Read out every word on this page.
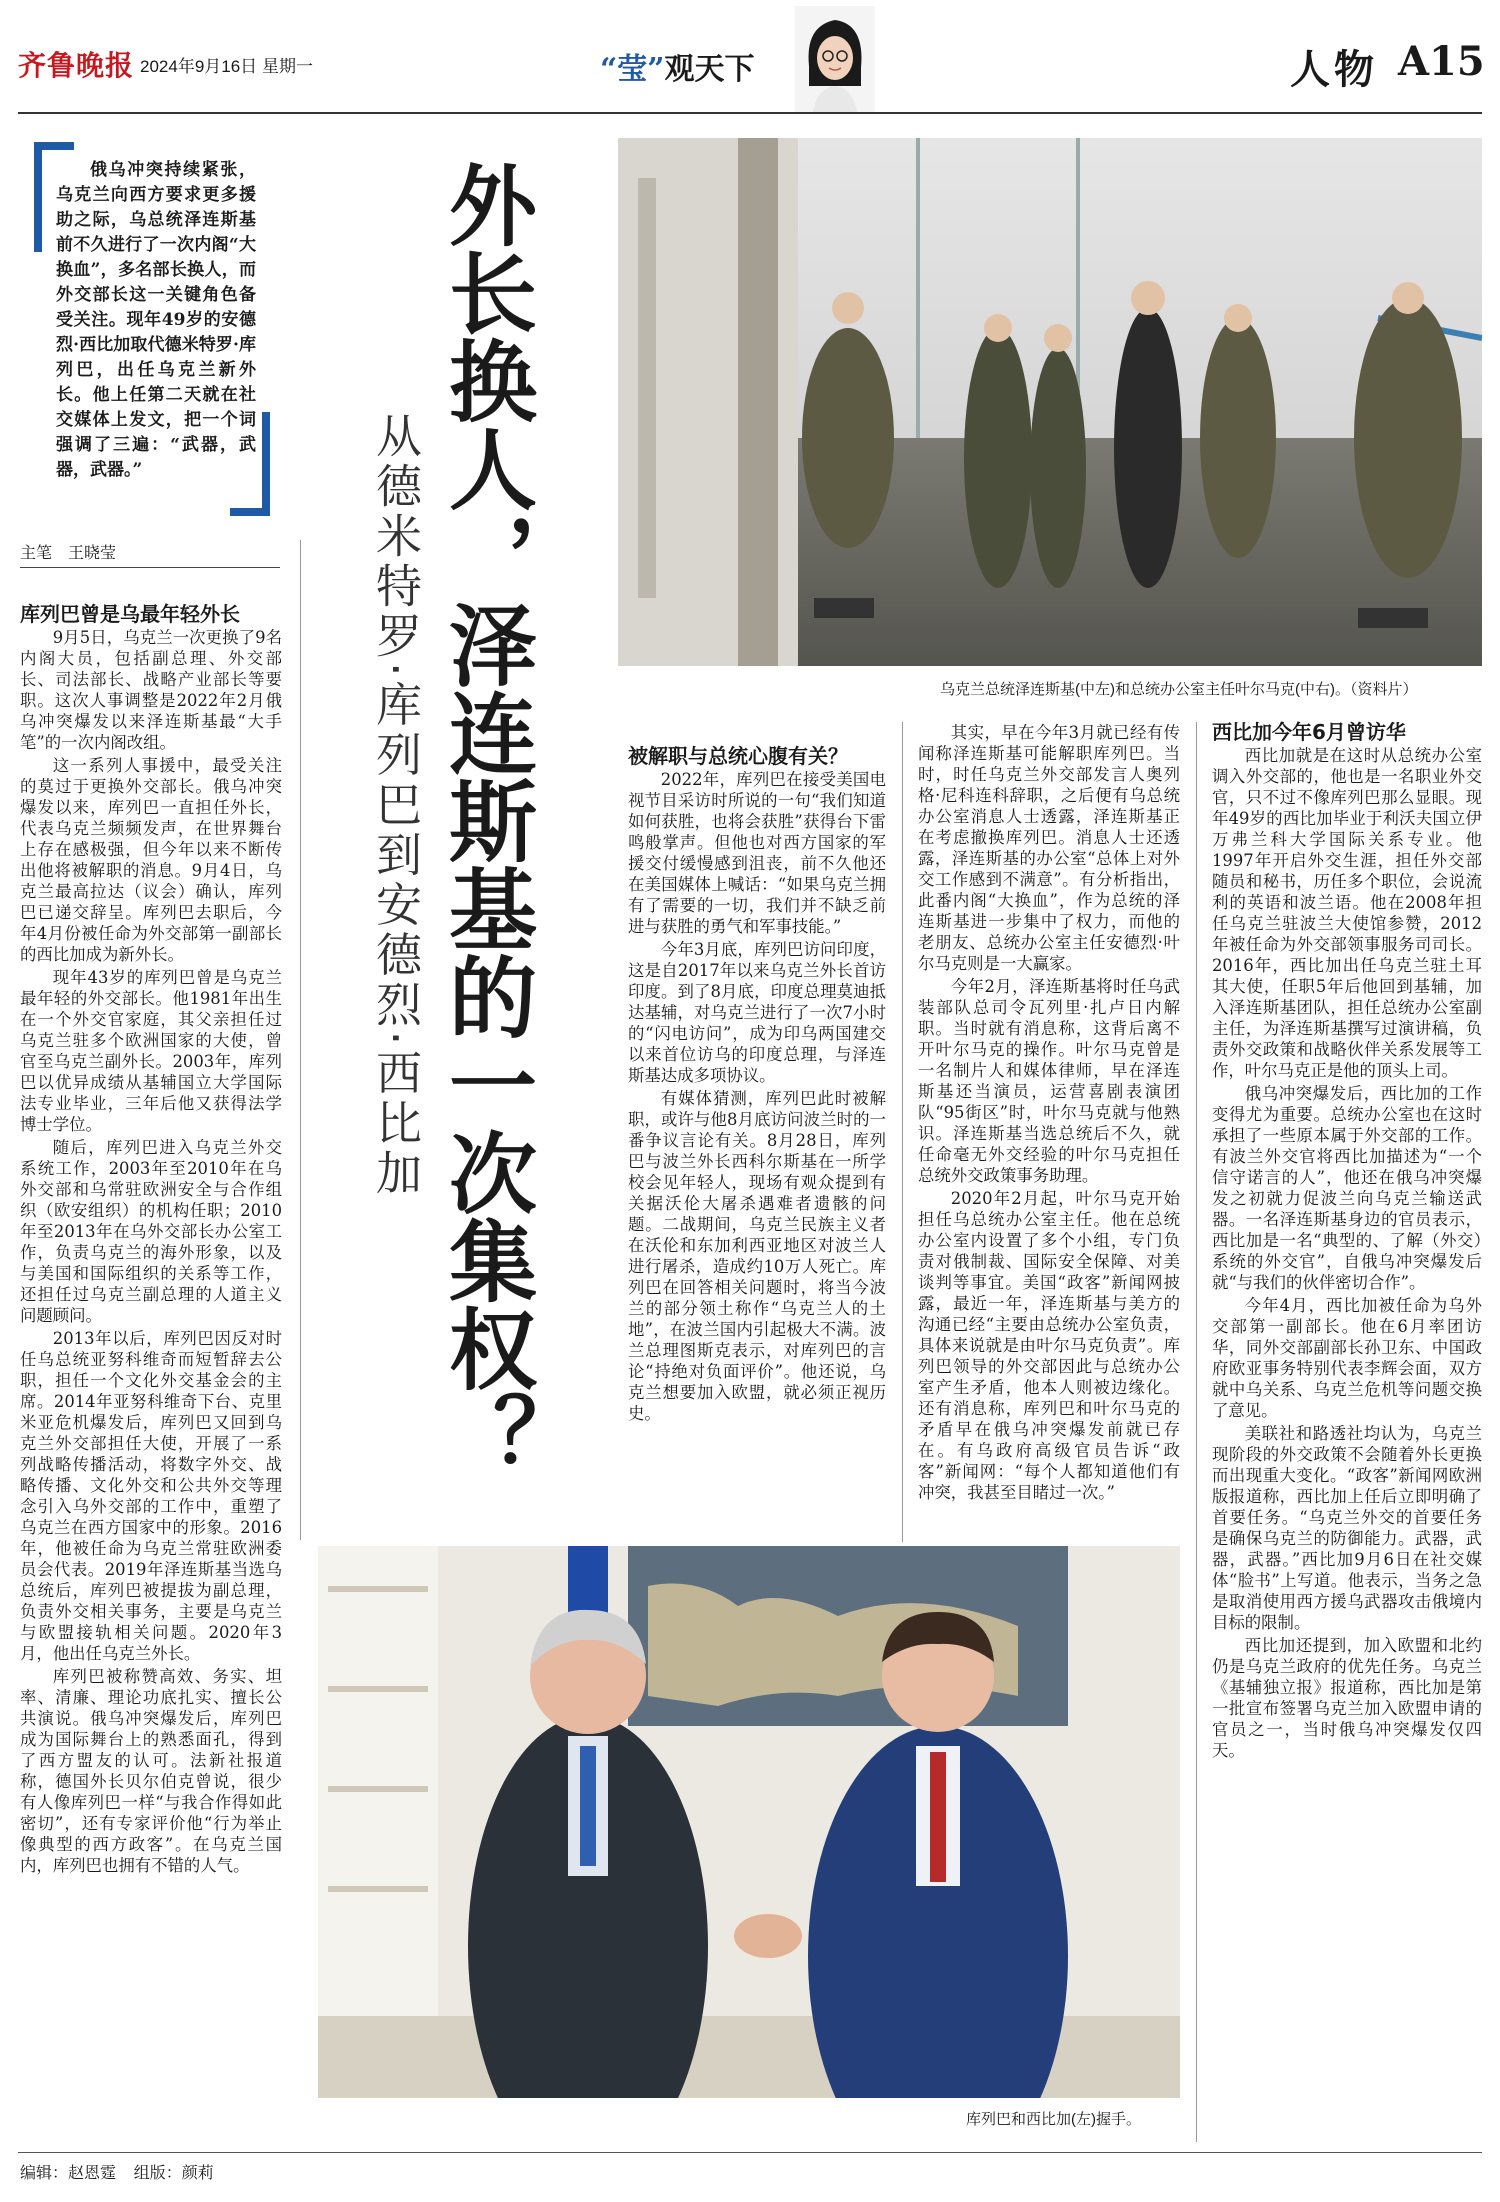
齐鲁晚报 2024年9月16日 星期一	“莹”观天下	人物 A15
俄乌冲突持续紧张，乌克兰向西方要求更多援助之际，乌总统泽连斯基前不久进行了一次内阁“大换血”，多名部长换人，而外交部长这一关键角色备受关注。现年49岁的安德烈·西比加取代德米特罗·库列巴，出任乌克兰新外长。他上任第二天就在社交媒体上发文，把一个词强调了三遍：“武器，武器，武器。”
主笔　王晓莹	外长换人，泽连斯基的一次集权？
从德米特罗·库列巴到安德烈·西比加	乌克兰总统泽连斯基(中左)和总统办公室主任叶尔马克(中右)。（资料片）
库列巴和西比加(左)握手。

库列巴曾是乌最年轻外长

9月5日，乌克兰一次更换了9名内阁大员，包括副总理、外交部长、司法部长、战略产业部长等要职。这次人事调整是2022年2月俄乌冲突爆发以来泽连斯基最“大手笔”的一次内阁改组。

这一系列人事援中，最受关注的莫过于更换外交部长。俄乌冲突爆发以来，库列巴一直担任外长，代表乌克兰频频发声，在世界舞台上存在感极强，但今年以来不断传出他将被解职的消息。9月4日，乌克兰最高拉达（议会）确认，库列巴已递交辞呈。库列巴去职后，今年4月份被任命为外交部第一副部长的西比加成为新外长。

现年43岁的库列巴曾是乌克兰最年轻的外交部长。他1981年出生在一个外交官家庭，其父亲担任过乌克兰驻多个欧洲国家的大使，曾官至乌克兰副外长。2003年，库列巴以优异成绩从基辅国立大学国际法专业毕业，三年后他又获得法学博士学位。

随后，库列巴进入乌克兰外交系统工作，2003年至2010年在乌外交部和乌常驻欧洲安全与合作组织（欧安组织）的机构任职；2010年至2013年在乌外交部长办公室工作，负责乌克兰的海外形象，以及与美国和国际组织的关系等工作，还担任过乌克兰副总理的人道主义问题顾问。

2013年以后，库列巴因反对时任乌总统亚努科维奇而短暂辞去公职，担任一个文化外交基金会的主席。2014年亚努科维奇下台、克里米亚危机爆发后，库列巴又回到乌克兰外交部担任大使，开展了一系列战略传播活动，将数字外交、战略传播、文化外交和公共外交等理念引入乌外交部的工作中，重塑了乌克兰在西方国家中的形象。2016年，他被任命为乌克兰常驻欧洲委员会代表。2019年泽连斯基当选乌总统后，库列巴被提拔为副总理，负责外交相关事务，主要是乌克兰与欧盟接轨相关问题。2020年3月，他出任乌克兰外长。

库列巴被称赞高效、务实、坦率、清廉、理论功底扎实、擅长公共演说。俄乌冲突爆发后，库列巴成为国际舞台上的熟悉面孔，得到了西方盟友的认可。法新社报道称，德国外长贝尔伯克曾说，很少有人像库列巴一样“与我合作得如此密切”，还有专家评价他“行为举止像典型的西方政客”。在乌克兰国内，库列巴也拥有不错的人气。

被解职与总统心腹有关？

2022年，库列巴在接受美国电视节目采访时所说的一句“我们知道如何获胜，也将会获胜”获得台下雷鸣般掌声。但他也对西方国家的军援交付缓慢感到沮丧，前不久他还在美国媒体上喊话：“如果乌克兰拥有了需要的一切，我们并不缺乏前进与获胜的勇气和军事技能。”

今年3月底，库列巴访问印度，这是自2017年以来乌克兰外长首访印度。到了8月底，印度总理莫迪抵达基辅，对乌克兰进行了一次7小时的“闪电访问”，成为印乌两国建交以来首位访乌的印度总理，与泽连斯基达成多项协议。

有媒体猜测，库列巴此时被解职，或许与他8月底访问波兰时的一番争议言论有关。8月28日，库列巴与波兰外长西科尔斯基在一所学校会见年轻人，现场有观众提到有关据沃伦大屠杀遇难者遗骸的问题。二战期间，乌克兰民族主义者在沃伦和东加利西亚地区对波兰人进行屠杀，造成约10万人死亡。库列巴在回答相关问题时，将当今波兰的部分领土称作“乌克兰人的土地”，在波兰国内引起极大不满。波兰总理图斯克表示，对库列巴的言论“持绝对负面评价”。他还说，乌克兰想要加入欧盟，就必须正视历史。

其实，早在今年3月就已经有传闻称泽连斯基可能解职库列巴。当时，时任乌克兰外交部发言人奥列格·尼科连科辞职，之后便有乌总统办公室消息人士透露，泽连斯基正在考虑撤换库列巴。消息人士还透露，泽连斯基的办公室“总体上对外交工作感到不满意”。有分析指出，此番内阁“大换血”，作为总统的泽连斯基进一步集中了权力，而他的老朋友、总统办公室主任安德烈·叶尔马克则是一大赢家。

今年2月，泽连斯基将时任乌武装部队总司令瓦列里·扎卢日内解职。当时就有消息称，这背后离不开叶尔马克的操作。叶尔马克曾是一名制片人和媒体律师，早在泽连斯基还当演员，运营喜剧表演团队“95街区”时，叶尔马克就与他熟识。泽连斯基当选总统后不久，就任命毫无外交经验的叶尔马克担任总统外交政策事务助理。

2020年2月起，叶尔马克开始担任乌总统办公室主任。他在总统办公室内设置了多个小组，专门负责对俄制裁、国际安全保障、对美谈判等事宜。美国“政客”新闻网披露，最近一年，泽连斯基与美方的沟通已经“主要由总统办公室负责，具体来说就是由叶尔马克负责”。库列巴领导的外交部因此与总统办公室产生矛盾，他本人则被边缘化。还有消息称，库列巴和叶尔马克的矛盾早在俄乌冲突爆发前就已存在。有乌政府高级官员告诉“政客”新闻网：“每个人都知道他们有冲突，我甚至目睹过一次。”

西比加今年6月曾访华

西比加就是在这时从总统办公室调入外交部的，他也是一名职业外交官，只不过不像库列巴那么显眼。现年49岁的西比加毕业于利沃夫国立伊万弗兰科大学国际关系专业。他1997年开启外交生涯，担任外交部随员和秘书，历任多个职位，会说流利的英语和波兰语。他在2008年担任乌克兰驻波兰大使馆参赞，2012年被任命为外交部领事服务司司长。2016年，西比加出任乌克兰驻土耳其大使，任职5年后他回到基辅，加入泽连斯基团队，担任总统办公室副主任，为泽连斯基撰写过演讲稿，负责外交政策和战略伙伴关系发展等工作，叶尔马克正是他的顶头上司。

俄乌冲突爆发后，西比加的工作变得尤为重要。总统办公室也在这时承担了一些原本属于外交部的工作。有波兰外交官将西比加描述为“一个信守诺言的人”，他还在俄乌冲突爆发之初就力促波兰向乌克兰输送武器。一名泽连斯基身边的官员表示，西比加是一名“典型的、了解（外交）系统的外交官”，自俄乌冲突爆发后就“与我们的伙伴密切合作”。

今年4月，西比加被任命为乌外交部第一副部长。他在6月率团访华，同外交部副部长孙卫东、中国政府欧亚事务特别代表李辉会面，双方就中乌关系、乌克兰危机等问题交换了意见。

美联社和路透社均认为，乌克兰现阶段的外交政策不会随着外长更换而出现重大变化。“政客”新闻网欧洲版报道称，西比加上任后立即明确了首要任务。“乌克兰外交的首要任务是确保乌克兰的防御能力。武器，武器，武器。”西比加9月6日在社交媒体“脸书”上写道。他表示，当务之急是取消使用西方援乌武器攻击俄境内目标的限制。

西比加还提到，加入欧盟和北约仍是乌克兰政府的优先任务。乌克兰《基辅独立报》报道称，西比加是第一批宣布签署乌克兰加入欧盟申请的官员之一，当时俄乌冲突爆发仅四天。

编辑：赵恩霆 组版：颜莉
